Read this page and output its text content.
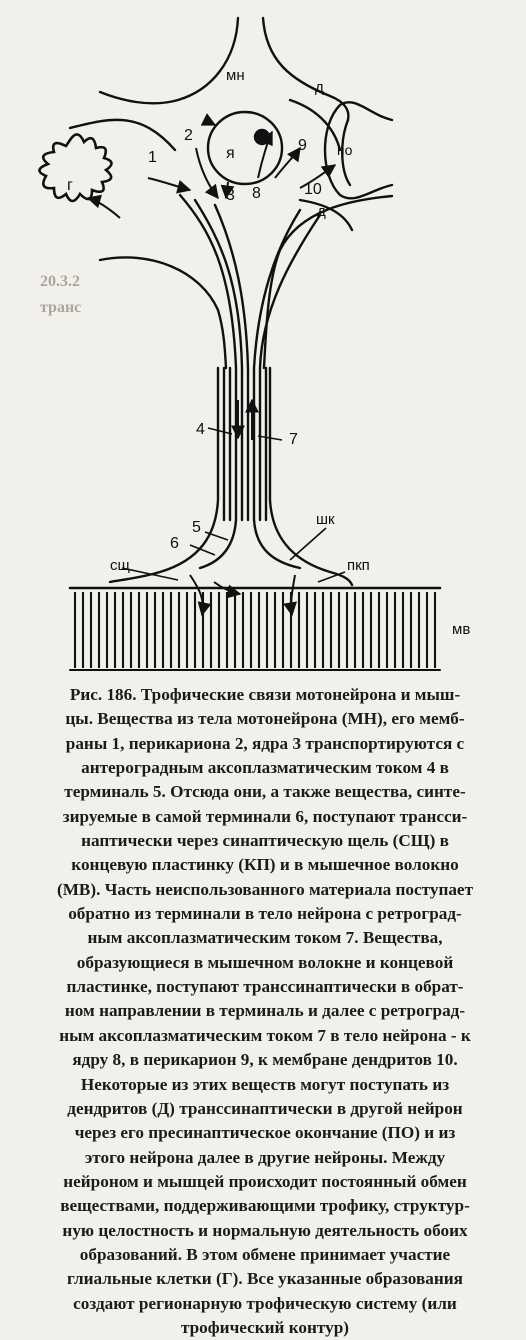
20.3.2
транс
мн
д
по
д
г
я
1
2
3
4
5
6
7
8
9
10
шк
пкп
сщ
мв

Рис. 186. Трофические связи мотонейрона и мыш-

цы. Вещества из тела мотонейрона (МН), его мемб-

раны 1, перикариона 2, ядра 3 транспортируются с

антероградным аксоплазматическим током 4 в

терминаль 5. Отсюда они, а также вещества, синте-

зируемые в самой терминали 6, поступают трансси-

наптически через синаптическую щель (СЩ) в

концевую пластинку (КП) и в мышечное волокно

(МВ). Часть неиспользованного материала поступает

обратно из терминали в тело нейрона с ретроград-

ным аксоплазматическим током 7. Вещества,

образующиеся в мышечном волокне и концевой

пластинке, поступают транссинаптически в обрат-

ном направлении в терминаль и далее с ретроград-

ным аксоплазматическим током 7 в тело нейрона - к

ядру 8, в перикарион 9, к мембране дендритов 10.

Некоторые из этих веществ могут поступать из

дендритов (Д) транссинаптически в другой нейрон

через его пресинаптическое окончание (ПО) и из

этого нейрона далее в другие нейроны. Между

нейроном и мышцей происходит постоянный обмен

веществами, поддерживающими трофику, структур-

ную целостность и нормальную деятельность обоих

образований. В этом обмене принимает участие

глиальные клетки (Г). Все указанные образования

создают регионарную трофическую систему (или

трофический контур)
